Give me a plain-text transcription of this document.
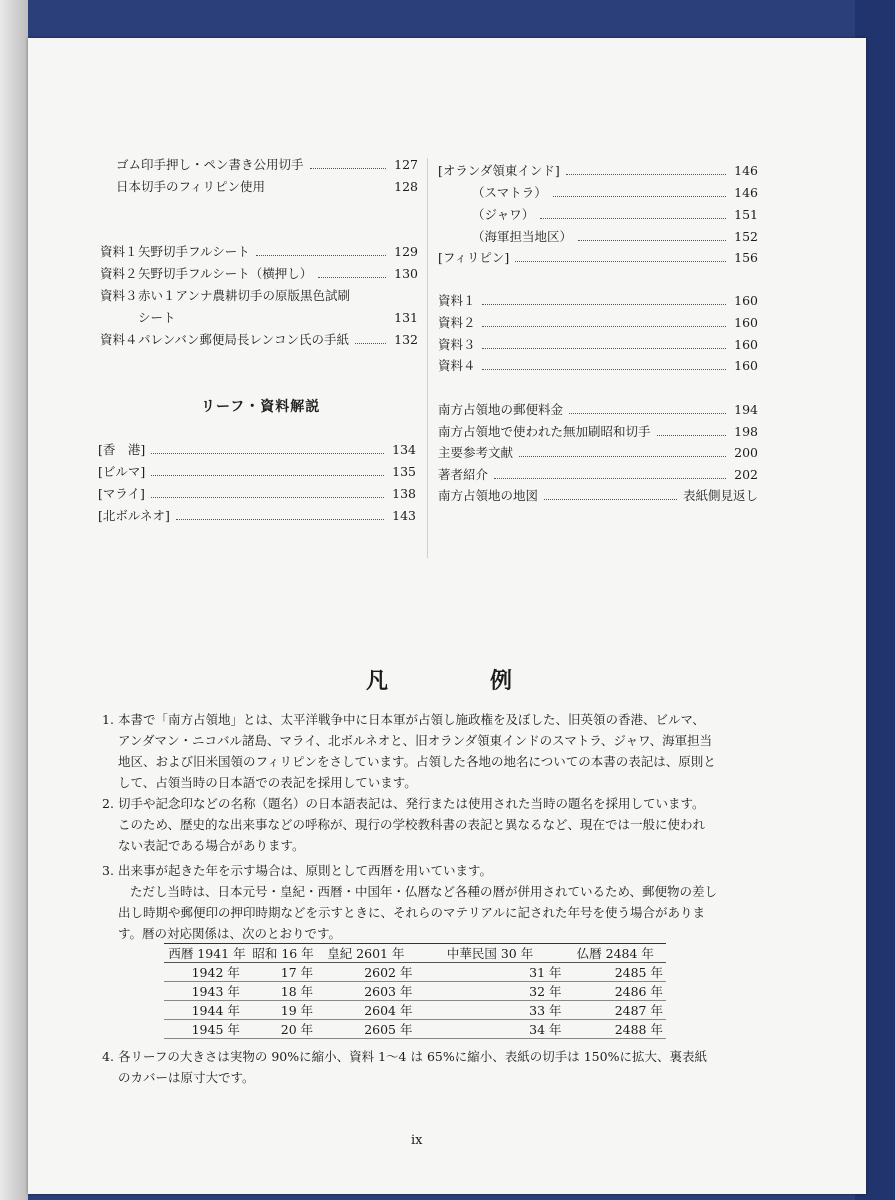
ゴム印手押し・ペン書き公用切手	127
日本切手のフィリピン使用	128
資料１ 矢野切手フルシート	129
資料２ 矢野切手フルシート（横押し）	130
資料３ 赤い１アンナ農耕切手の原版黒色試刷
シート	131
資料４ パレンバン郵便局長レンコン氏の手紙	132
リーフ・資料解説
[香　港]	134
[ビルマ]	135
[マライ]	138
[北ボルネオ]	143
[オランダ領東インド]	146
（スマトラ）	146
（ジャワ）	151
（海軍担当地区）	152
[フィリピン]	156
資料１	160
資料２	160
資料３	160
資料４	160
南方占領地の郵便料金	194
南方占領地で使われた無加刷昭和切手	198
主要参考文献	200
著者紹介	202
南方占領地の地図	表紙側見返し
凡　例
1. 本書で「南方占領地」とは、太平洋戦争中に日本軍が占領し施政権を及ぼした、旧英領の香港、ビルマ、
アンダマン・ニコバル諸島、マライ、北ボルネオと、旧オランダ領東インドのスマトラ、ジャワ、海軍担当
地区、および旧米国領のフィリピンをさしています。占領した各地の地名についての本書の表記は、原則と
して、占領当時の日本語での表記を採用しています。
2. 切手や記念印などの名称（題名）の日本語表記は、発行または使用された当時の題名を採用しています。
このため、歴史的な出来事などの呼称が、現行の学校教科書の表記と異なるなど、現在では一般に使われ
ない表記である場合があります。
3. 出来事が起きた年を示す場合は、原則として西暦を用いています。
ただし当時は、日本元号・皇紀・西暦・中国年・仏暦など各種の暦が併用されているため、郵便物の差し
出し時期や郵便印の押印時期などを示すときに、それらのマテリアルに記された年号を使う場合がありま
す。暦の対応関係は、次のとおりです。
西暦 1941 年	昭和 16 年	皇紀 2601 年	中華民国 30 年	仏暦 2484 年
1942 年	17 年	2602 年	31 年	2485 年
1943 年	18 年	2603 年	32 年	2486 年
1944 年	19 年	2604 年	33 年	2487 年
1945 年	20 年	2605 年	34 年	2488 年
4. 各リーフの大きさは実物の 90%に縮小、資料 1～4 は 65%に縮小、表紙の切手は 150%に拡大、裏表紙
のカバーは原寸大です。
ix
